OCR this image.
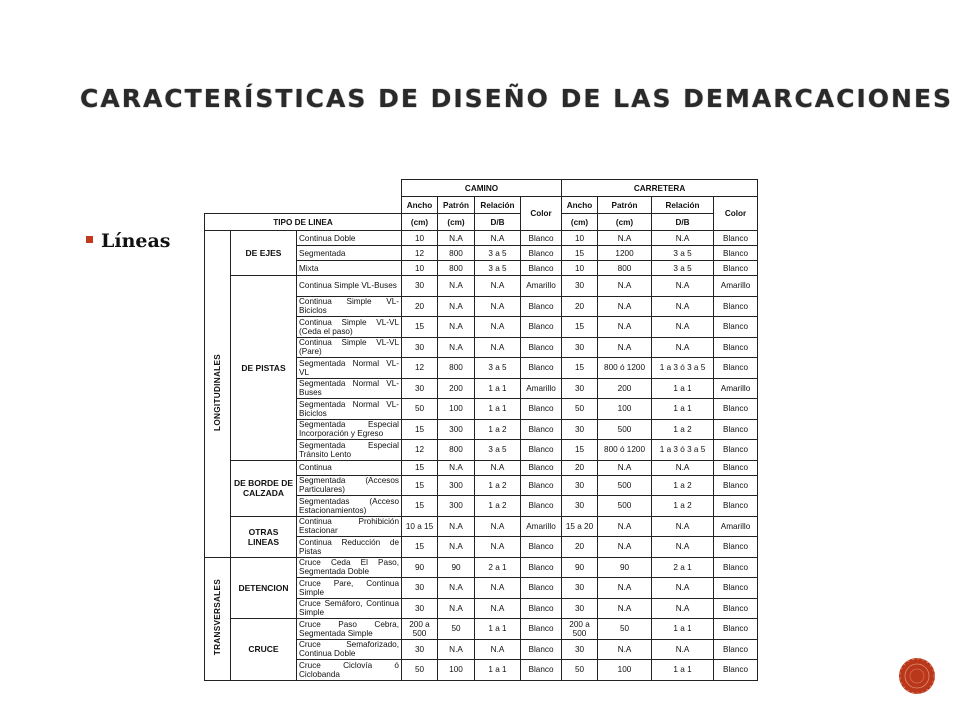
CARACTERÍSTICAS DE DISEÑO DE LAS DEMARCACIONES
Líneas
			CAMINO				CARRETERA			
			Ancho	Patrón	Relación	Color	Ancho	Patrón	Relación	Color
TIPO DE LINEA			(cm)	(cm)	D/B		(cm)	(cm)	D/B	
LONGITUDINALES	DE EJES	Continua Doble	10	N.A	N.A	Blanco	10	N.A	N.A	Blanco
		Segmentada	12	800	3 a 5	Blanco	15	1200	3 a 5	Blanco
		Mixta	10	800	3 a 5	Blanco	10	800	3 a 5	Blanco
	DE PISTAS	Continua Simple VL-Buses	30	N.A	N.A	Amarillo	30	N.A	N.A	Amarillo
		Continua Simple VL-Biciclos	20	N.A	N.A	Blanco	20	N.A	N.A	Blanco
		Continua Simple VL-VL (Ceda el paso)	15	N.A	N.A	Blanco	15	N.A	N.A	Blanco
		Continua Simple VL-VL (Pare)	30	N.A	N.A	Blanco	30	N.A	N.A	Blanco
		Segmentada Normal VL-VL	12	800	3 a 5	Blanco	15	800 ó 1200	1 a 3 ó 3 a 5	Blanco
		Segmentada Normal VL-Buses	30	200	1 a 1	Amarillo	30	200	1 a 1	Amarillo
		Segmentada Normal VL-Biciclos	50	100	1 a 1	Blanco	50	100	1 a 1	Blanco
		Segmentada Especial Incorporación y Egreso	15	300	1 a 2	Blanco	30	500	1 a 2	Blanco
		Segmentada Especial Tránsito Lento	12	800	3 a 5	Blanco	15	800 ó 1200	1 a 3 ó 3 a 5	Blanco
	DE BORDE DE CALZADA	Continua	15	N.A	N.A	Blanco	20	N.A	N.A	Blanco
		Segmentada (Accesos Particulares)	15	300	1 a 2	Blanco	30	500	1 a 2	Blanco
		Segmentadas (Acceso Estacionamientos)	15	300	1 a 2	Blanco	30	500	1 a 2	Blanco
	OTRAS LINEAS	Continua Prohibición Estacionar	10 a 15	N.A	N.A	Amarillo	15 a 20	N.A	N.A	Amarillo
		Continua Reducción de Pistas	15	N.A	N.A	Blanco	20	N.A	N.A	Blanco
TRANSVERSALES	DETENCION	Cruce Ceda El Paso, Segmentada Doble	90	90	2 a 1	Blanco	90	90	2 a 1	Blanco
		Cruce Pare, Continua Simple	30	N.A	N.A	Blanco	30	N.A	N.A	Blanco
		Cruce Semáforo, Continua Simple	30	N.A	N.A	Blanco	30	N.A	N.A	Blanco
	CRUCE	Cruce Paso Cebra, Segmentada Simple	200 a 500	50	1 a 1	Blanco	200 a 500	50	1 a 1	Blanco
		Cruce Semaforizado, Continua Doble	30	N.A	N.A	Blanco	30	N.A	N.A	Blanco
		Cruce Ciclovía ó Ciclobanda	50	100	1 a 1	Blanco	50	100	1 a 1	Blanco
